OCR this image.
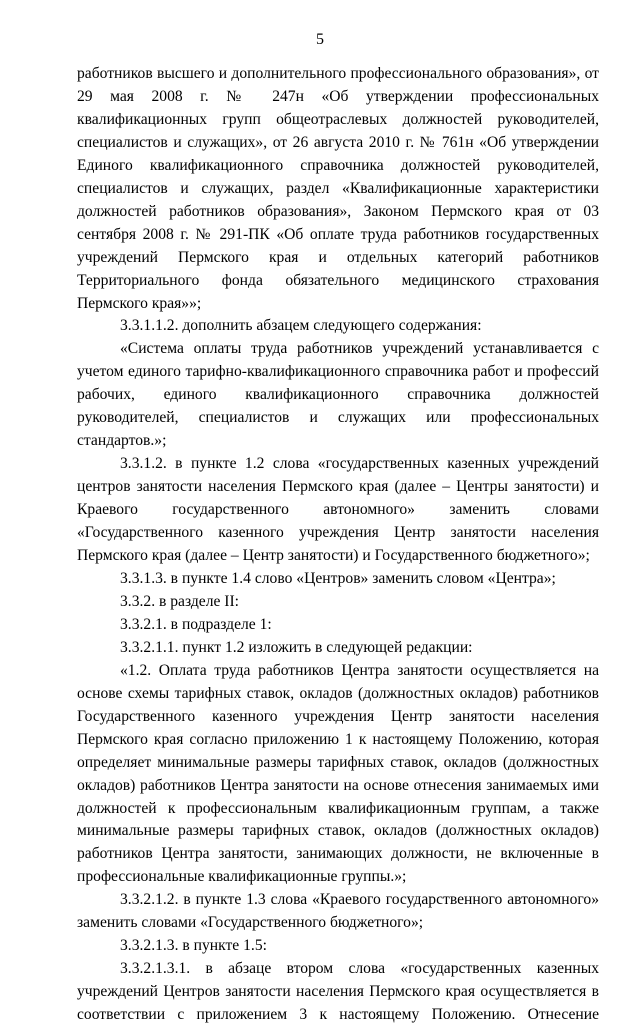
5

работников высшего и дополнительного профессионального образования», от 29 мая 2008 г. № 247н «Об утверждении профессиональных квалификационных групп общеотраслевых должностей руководителей, специалистов и служащих», от 26 августа 2010 г. № 761н «Об утверждении Единого квалификационного справочника должностей руководителей, специалистов и служащих, раздел «Квалификационные характеристики должностей работников образования», Законом Пермского края от 03 сентября 2008 г. № 291-ПК «Об оплате труда работников государственных учреждений Пермского края и отдельных категорий работников Территориального фонда обязательного медицинского страхования Пермского края»»;

3.3.1.1.2. дополнить абзацем следующего содержания:

«Система оплаты труда работников учреждений устанавливается с учетом единого тарифно-квалификационного справочника работ и профессий рабочих, единого квалификационного справочника должностей руководителей, специалистов и служащих или профессиональных стандартов.»;

3.3.1.2. в пункте 1.2 слова «государственных казенных учреждений центров занятости населения Пермского края (далее – Центры занятости) и Краевого государственного автономного» заменить словами «Государственного казенного учреждения Центр занятости населения Пермского края (далее – Центр занятости) и Государственного бюджетного»;

3.3.1.3. в пункте 1.4 слово «Центров» заменить словом «Центра»;

3.3.2. в разделе II:

3.3.2.1. в подразделе 1:

3.3.2.1.1. пункт 1.2 изложить в следующей редакции:

«1.2. Оплата труда работников Центра занятости осуществляется на основе схемы тарифных ставок, окладов (должностных окладов) работников Государственного казенного учреждения Центр занятости населения Пермского края согласно приложению 1 к настоящему Положению, которая определяет минимальные размеры тарифных ставок, окладов (должностных окладов) работников Центра занятости на основе отнесения занимаемых ими должностей к профессиональным квалификационным группам, а также минимальные размеры тарифных ставок, окладов (должностных окладов) работников Центра занятости, занимающих должности, не включенные в профессиональные квалификационные группы.»;

3.3.2.1.2. в пункте 1.3 слова «Краевого государственного автономного» заменить словами «Государственного бюджетного»;

3.3.2.1.3. в пункте 1.5:

3.3.2.1.3.1. в абзаце втором слова «государственных казенных учреждений Центров занятости населения Пермского края осуществляется в соответствии с приложением 3 к настоящему Положению. Отнесение
